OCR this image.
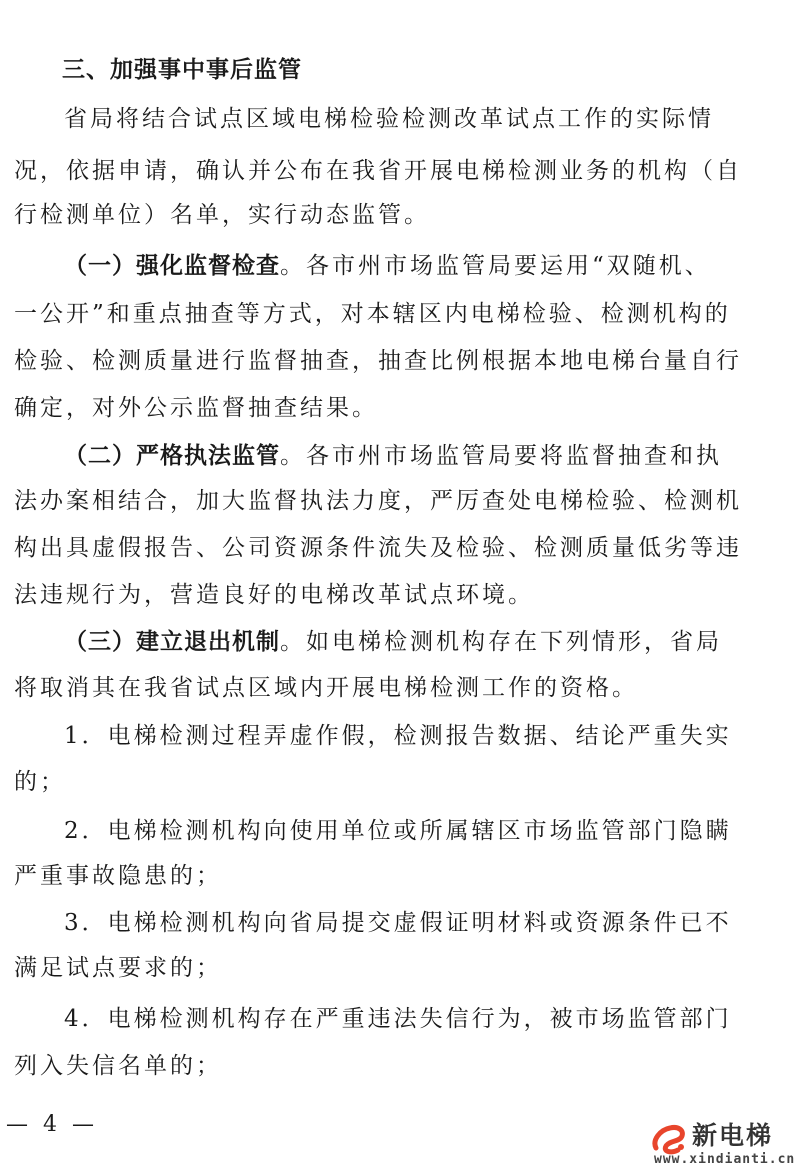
三、加强事中事后监管
省局将结合试点区域电梯检验检测改革试点工作的实际情
况，依据申请，确认并公布在我省开展电梯检测业务的机构（自
行检测单位）名单，实行动态监管。
（一）强化监督检查。各市州市场监管局要运用“双随机、
一公开”和重点抽查等方式，对本辖区内电梯检验、检测机构的
检验、检测质量进行监督抽查，抽查比例根据本地电梯台量自行
确定，对外公示监督抽查结果。
（二）严格执法监管。各市州市场监管局要将监督抽查和执
法办案相结合，加大监督执法力度，严厉查处电梯检验、检测机
构出具虚假报告、公司资源条件流失及检验、检测质量低劣等违
法违规行为，营造良好的电梯改革试点环境。
（三）建立退出机制。如电梯检测机构存在下列情形，省局
将取消其在我省试点区域内开展电梯检测工作的资格。
1．电梯检测过程弄虚作假，检测报告数据、结论严重失实
的；
2．电梯检测机构向使用单位或所属辖区市场监管部门隐瞒
严重事故隐患的；
3．电梯检测机构向省局提交虚假证明材料或资源条件已不
满足试点要求的；
4．电梯检测机构存在严重违法失信行为，被市场监管部门
列入失信名单的；
— 4 —	新电梯
www.xindianti.cn
